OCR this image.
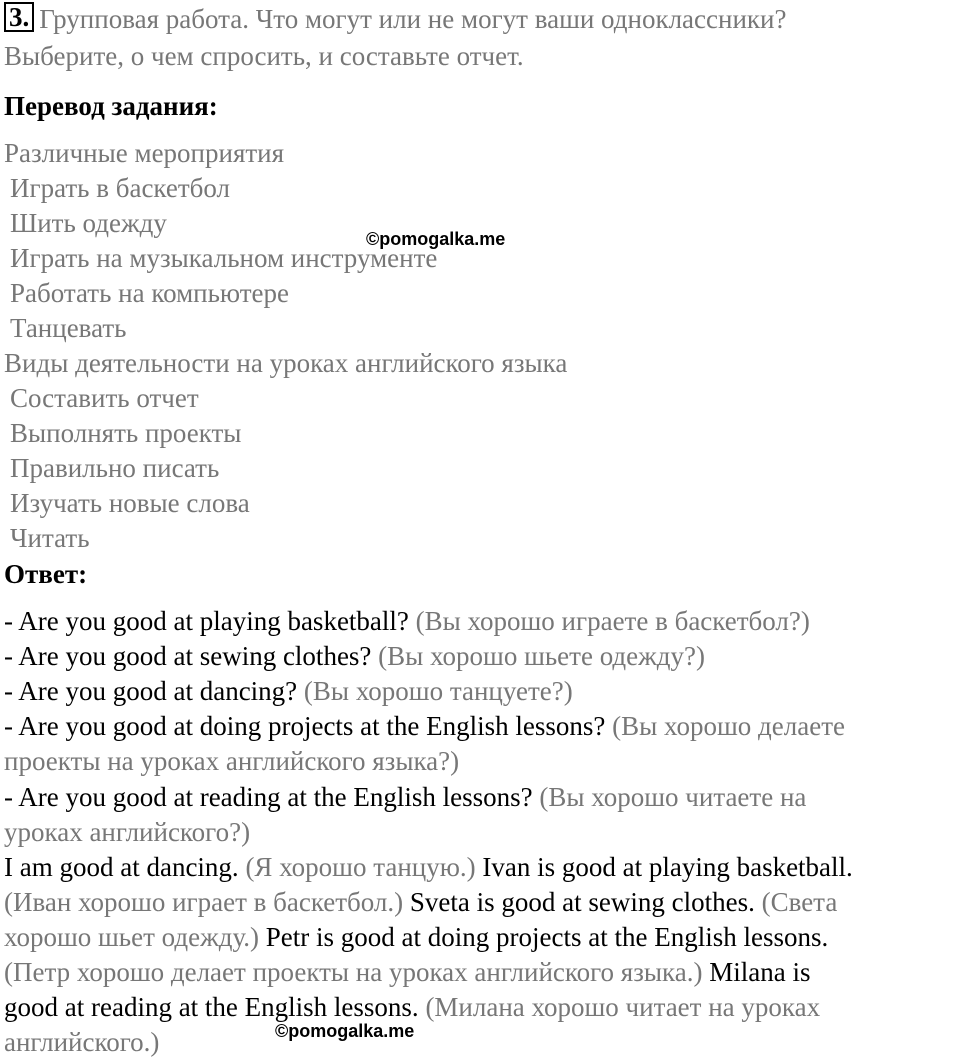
3. Групповая работа. Что могут или не могут ваши одноклассники?
Выберите, о чем спросить, и составьте отчет.
Перевод задания:
Различные мероприятия
Играть в баскетбол
Шить одежду
Играть на музыкальном инструменте
Работать на компьютере
Танцевать
Виды деятельности на уроках английского языка
Составить отчет
Выполнять проекты
Правильно писать
Изучать новые слова
Читать
Ответ:
- Are you good at playing basketball? (Вы хорошо играете в баскетбол?)
- Are you good at sewing clothes? (Вы хорошо шьете одежду?)
- Are you good at dancing? (Вы хорошо танцуете?)
- Are you good at doing projects at the English lessons? (Вы хорошо делаете
проекты на уроках английского языка?)
- Are you good at reading at the English lessons? (Вы хорошо читаете на
уроках английского?)
I am good at dancing. (Я хорошо танцую.) Ivan is good at playing basketball.
(Иван хорошо играет в баскетбол.) Sveta is good at sewing clothes. (Света
хорошо шьет одежду.) Petr is good at doing projects at the English lessons.
(Петр хорошо делает проекты на уроках английского языка.) Milana is
good at reading at the English lessons. (Милана хорошо читает на уроках
английского.)
©pomogalka.me
©pomogalka.me
